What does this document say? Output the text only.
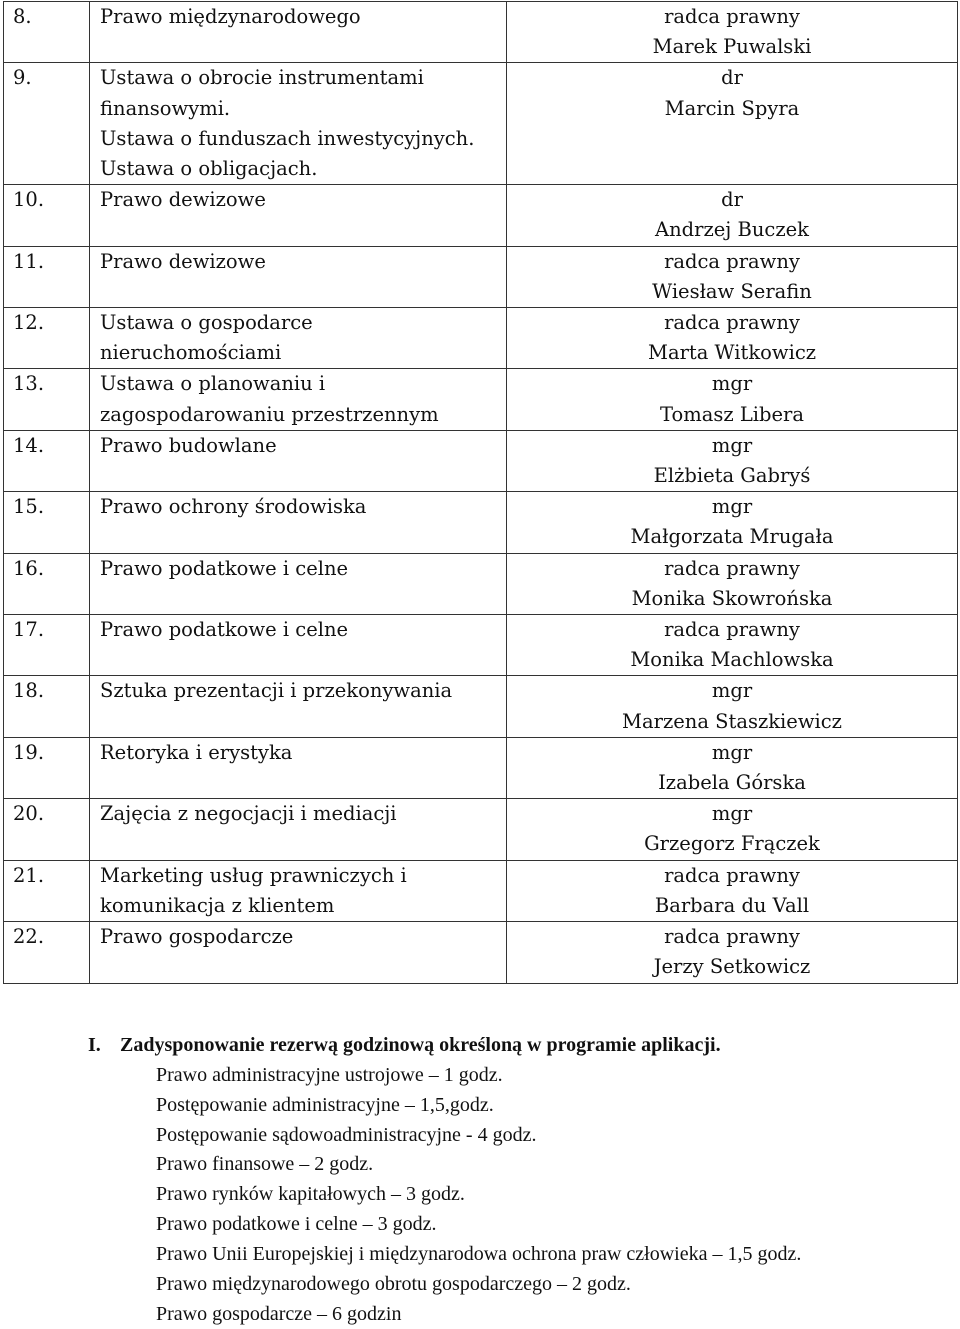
8.	Prawo międzynarodowego	radca prawny
Marek Puwalski

9.	Ustawa o obrocie instrumentami
finansowymi.
Ustawa o funduszach inwestycyjnych.
Ustawa o obligacjach.	dr
Marcin Spyra

10.	Prawo dewizowe	dr
Andrzej Buczek

11.	Prawo dewizowe	radca prawny
Wiesław Serafin

12.	Ustawa o gospodarce
nieruchomościami	radca prawny
Marta Witkowicz

13.	Ustawa o planowaniu i
zagospodarowaniu przestrzennym	mgr
Tomasz Libera

14.	Prawo budowlane	mgr
Elżbieta Gabryś

15.	Prawo ochrony środowiska	mgr
Małgorzata Mrugała

16.	Prawo podatkowe i celne	radca prawny
Monika Skowrońska

17.	Prawo podatkowe i celne	radca prawny
Monika Machlowska

18.	Sztuka prezentacji i przekonywania	mgr
Marzena Staszkiewicz

19.	Retoryka i erystyka	mgr
Izabela Górska

20.	Zajęcia z negocjacji i mediacji	mgr
Grzegorz Frączek

21.	Marketing usług prawniczych i
komunikacja z klientem	radca prawny
Barbara du Vall

22.	Prawo gospodarcze	radca prawny
Jerzy Setkowicz
I. Zadysponowanie rezerwą godzinową określoną w programie aplikacji.
Prawo administracyjne ustrojowe – 1 godz.
Postępowanie administracyjne – 1,5,godz.
Postępowanie sądowoadministracyjne - 4 godz.
Prawo finansowe – 2 godz.
Prawo rynków kapitałowych – 3 godz.
Prawo podatkowe i celne – 3 godz.
Prawo Unii Europejskiej i międzynarodowa ochrona praw człowieka – 1,5 godz.
Prawo międzynarodowego obrotu gospodarczego – 2 godz.
Prawo gospodarcze – 6 godzin
